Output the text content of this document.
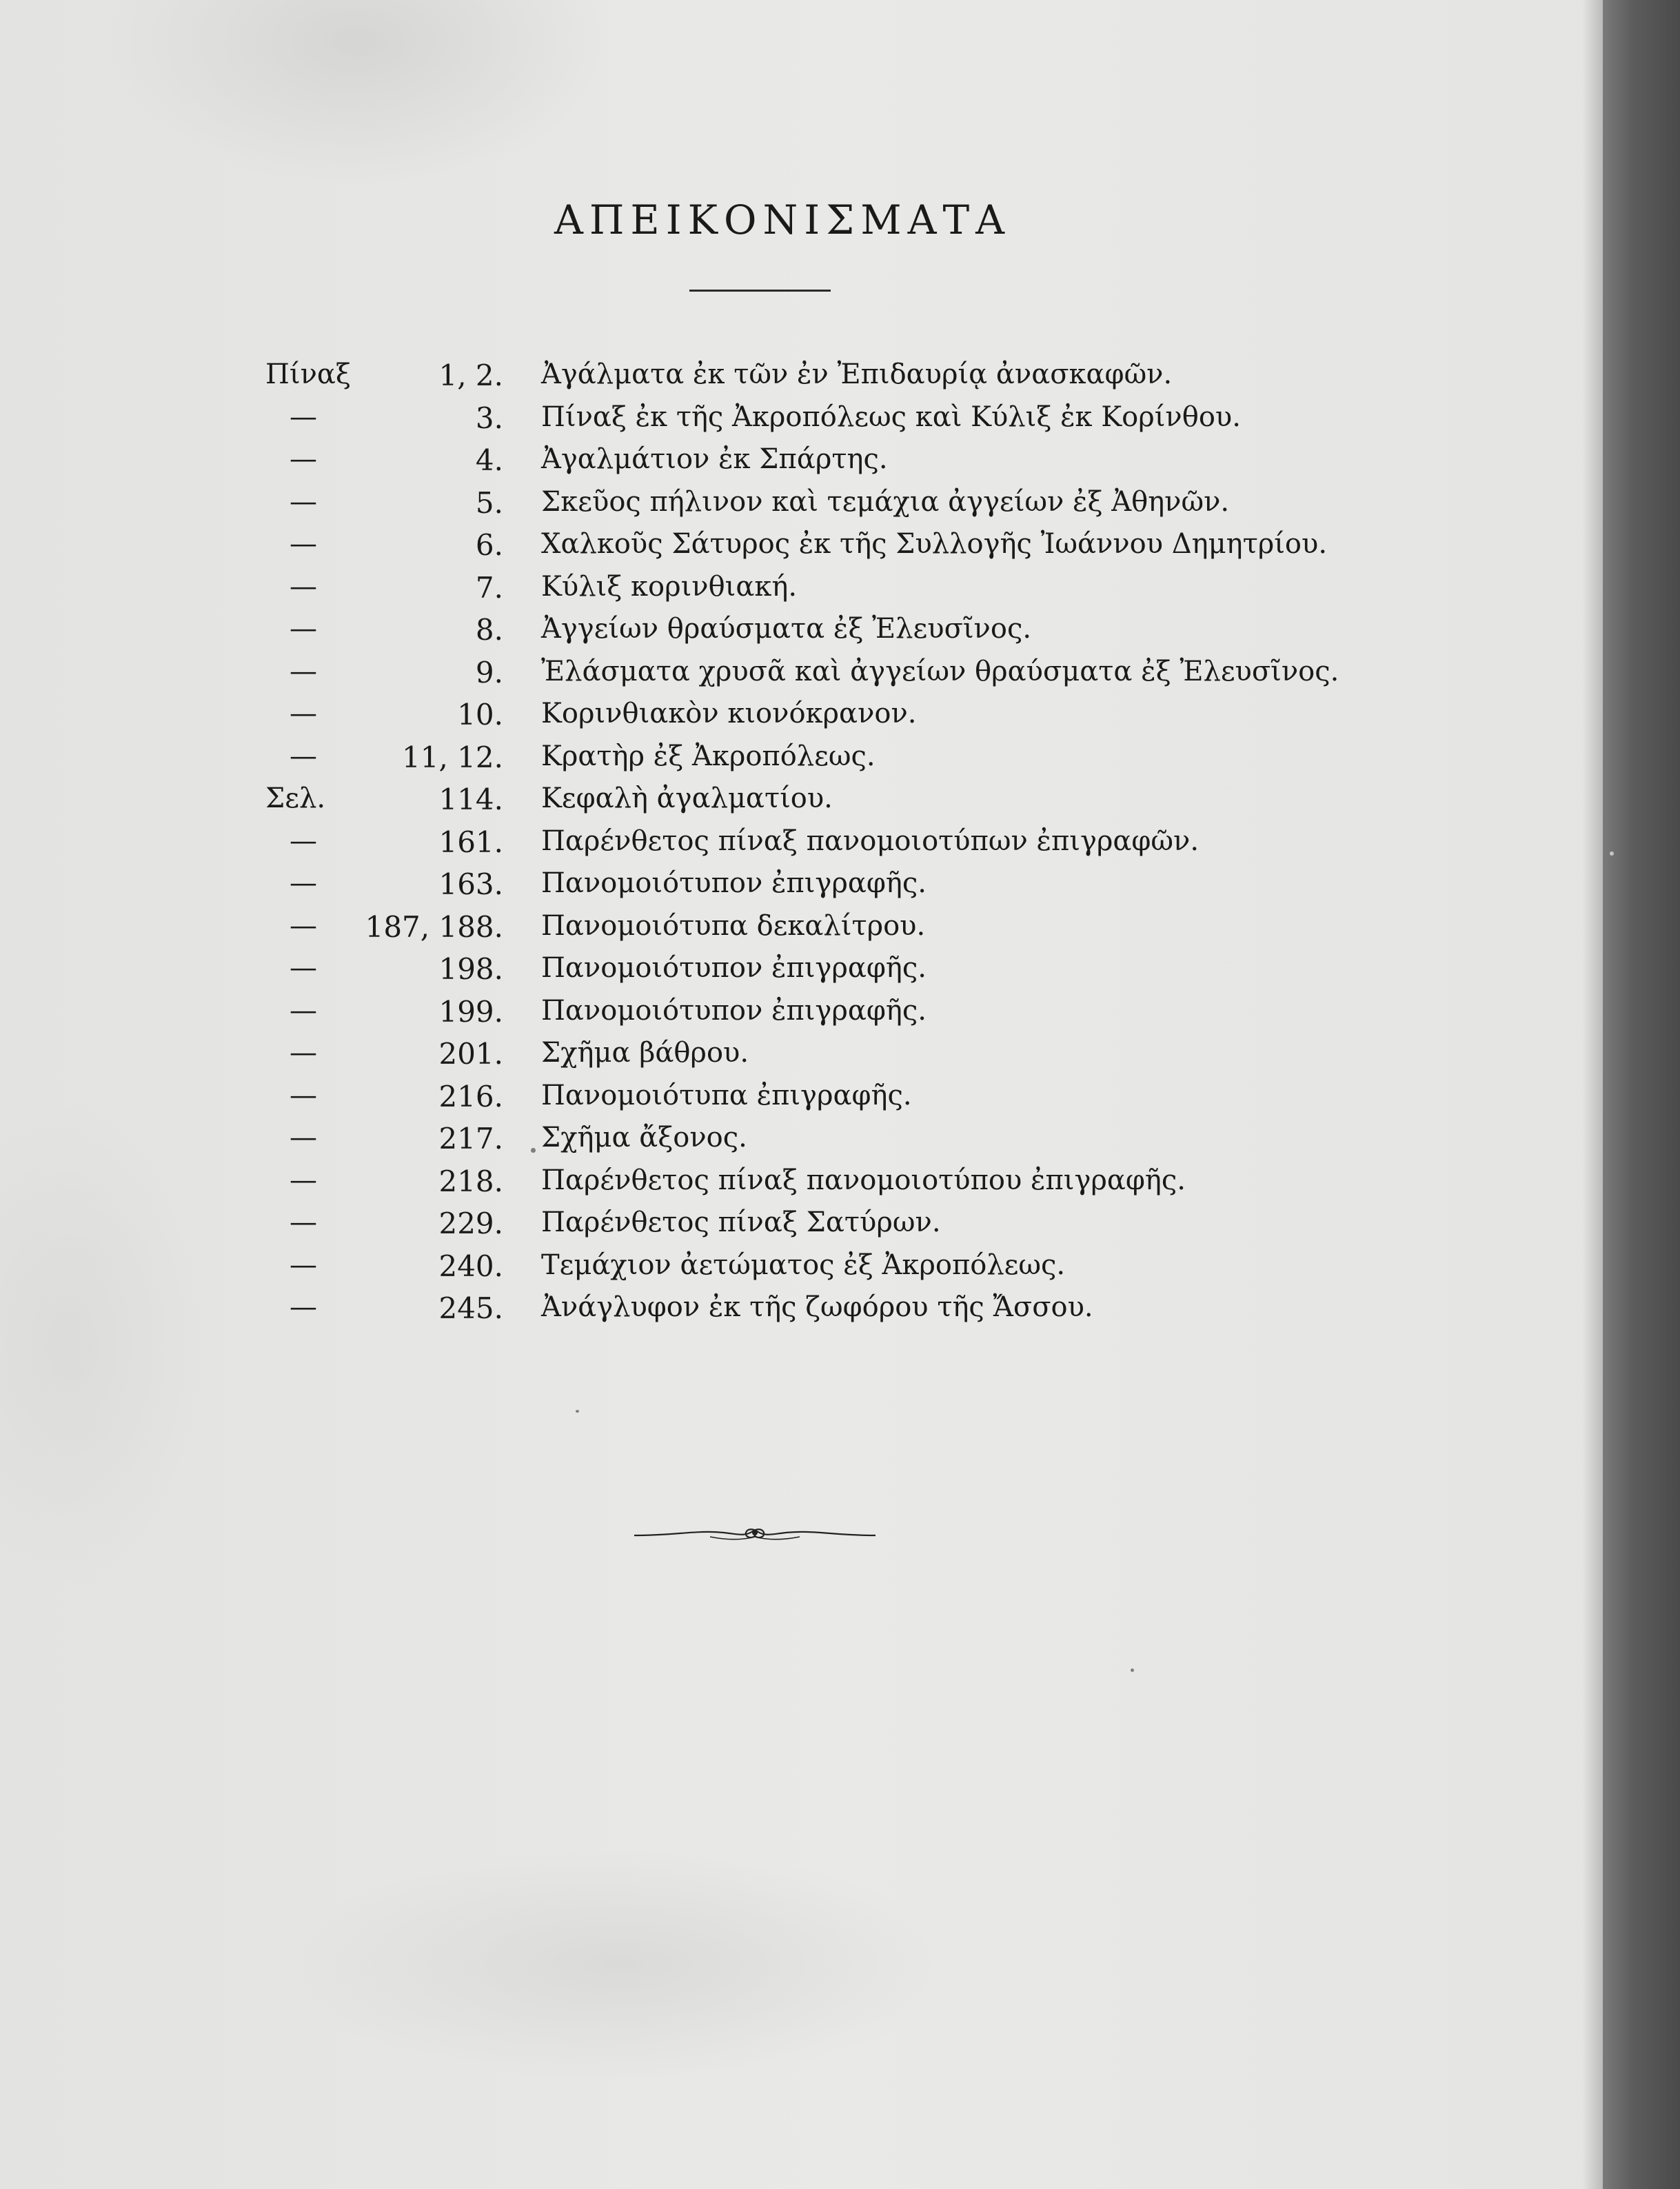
ΑΠΕΙΚΟΝΙΣΜΑΤΑ
Πίναξ	1, 2. Ἀγάλματα ἐκ τῶν ἐν Ἐπιδαυρίᾳ ἀνασκαφῶν.
—	3. Πίναξ ἐκ τῆς Ἀκροπόλεως καὶ Κύλιξ ἐκ Κορίνθου.
—	4. Ἀγαλμάτιον ἐκ Σπάρτης.
—	5. Σκεῦος πήλινον καὶ τεμάχια ἀγγείων ἐξ Ἀθηνῶν.
—	6. Χαλκοῦς Σάτυρος ἐκ τῆς Συλλογῆς Ἰωάννου Δημητρίου.
—	7. Κύλιξ κορινθιακή.
—	8. Ἀγγείων θραύσματα ἐξ Ἐλευσῖνος.
—	9. Ἐλάσματα χρυσᾶ καὶ ἀγγείων θραύσματα ἐξ Ἐλευσῖνος.
—	10. Κορινθιακὸν κιονόκρανον.
—	11, 12. Κρατὴρ ἐξ Ἀκροπόλεως.
Σελ.	114. Κεφαλὴ ἀγαλματίου.
—	161. Παρένθετος πίναξ πανομοιοτύπων ἐπιγραφῶν.
—	163. Πανομοιότυπον ἐπιγραφῆς.
—	187, 188. Πανομοιότυπα δεκαλίτρου.
—	198. Πανομοιότυπον ἐπιγραφῆς.
—	199. Πανομοιότυπον ἐπιγραφῆς.
—	201. Σχῆμα βάθρου.
—	216. Πανομοιότυπα ἐπιγραφῆς.
—	217. Σχῆμα ἄξονος.
—	218. Παρένθετος πίναξ πανομοιοτύπου ἐπιγραφῆς.
—	229. Παρένθετος πίναξ Σατύρων.
—	240. Τεμάχιον ἀετώματος ἐξ Ἀκροπόλεως.
—	245. Ἀνάγλυφον ἐκ τῆς ζωφόρου τῆς Ἄσσου.
